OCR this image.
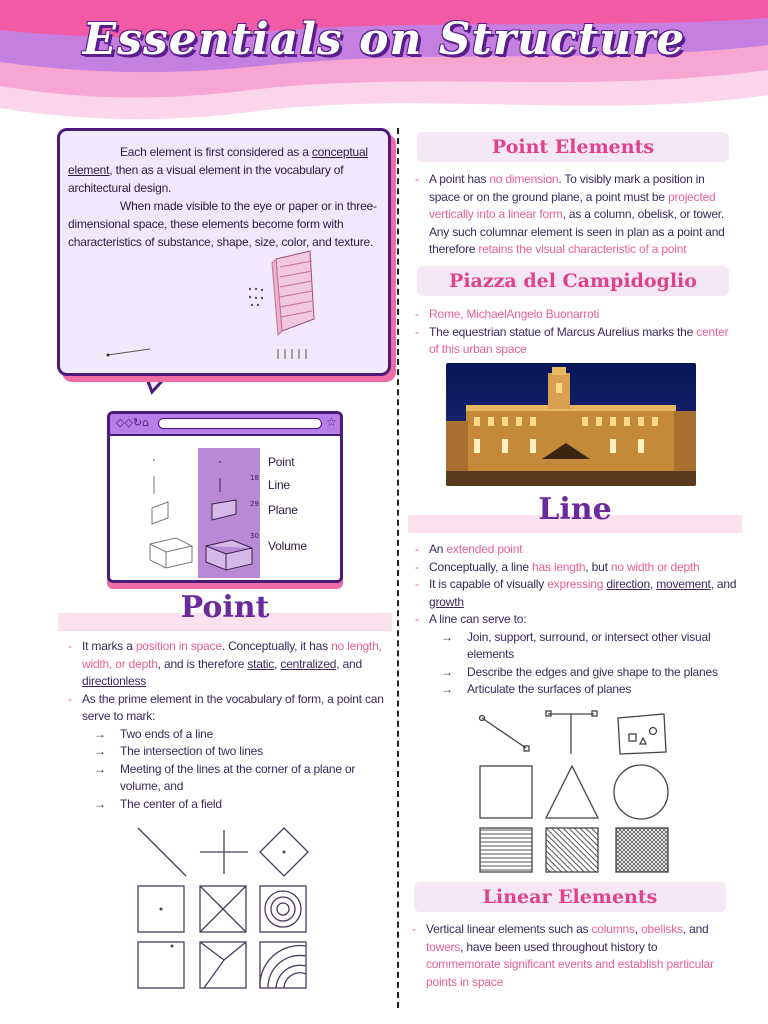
Essentials on Structure
Each element is first considered as a conceptual element, then as a visual element in the vocabulary of architectural design.
When made visible to the eye or paper or in three-dimensional space, these elements become form with characteristics of substance, shape, size, color, and texture.
◇◇↻⌂	☆
18
29
30
Point
Line
Plane
Volume
Point
- It marks a position in space. Conceptually, it has no length, width, or depth, and is therefore static, centralized, and directionless
- As the prime element in the vocabulary of form, a point can serve to mark:
→ Two ends of a line
→ The intersection of two lines
→ Meeting of the lines at the corner of a plane or volume, and
→ The center of a field
Point Elements
- A point has no dimension. To visibly mark a position in space or on the ground plane, a point must be projected vertically into a linear form, as a column, obelisk, or tower. Any such columnar element is seen in plan as a point and therefore retains the visual characteristic of a point
Piazza del Campidoglio
- Rome, MichaelAngelo Buonarroti
- The equestrian statue of Marcus Aurelius marks the center of this urban space
Line
- An extended point
- Conceptually, a line has length, but no width or depth
- It is capable of visually expressing direction, movement, and growth
- A line can serve to:
→ Join, support, surround, or intersect other visual elements
→ Describe the edges and give shape to the planes
→ Articulate the surfaces of planes
Linear Elements
- Vertical linear elements such as columns, obelisks, and towers, have been used throughout history to commemorate significant events and establish particular points in space
